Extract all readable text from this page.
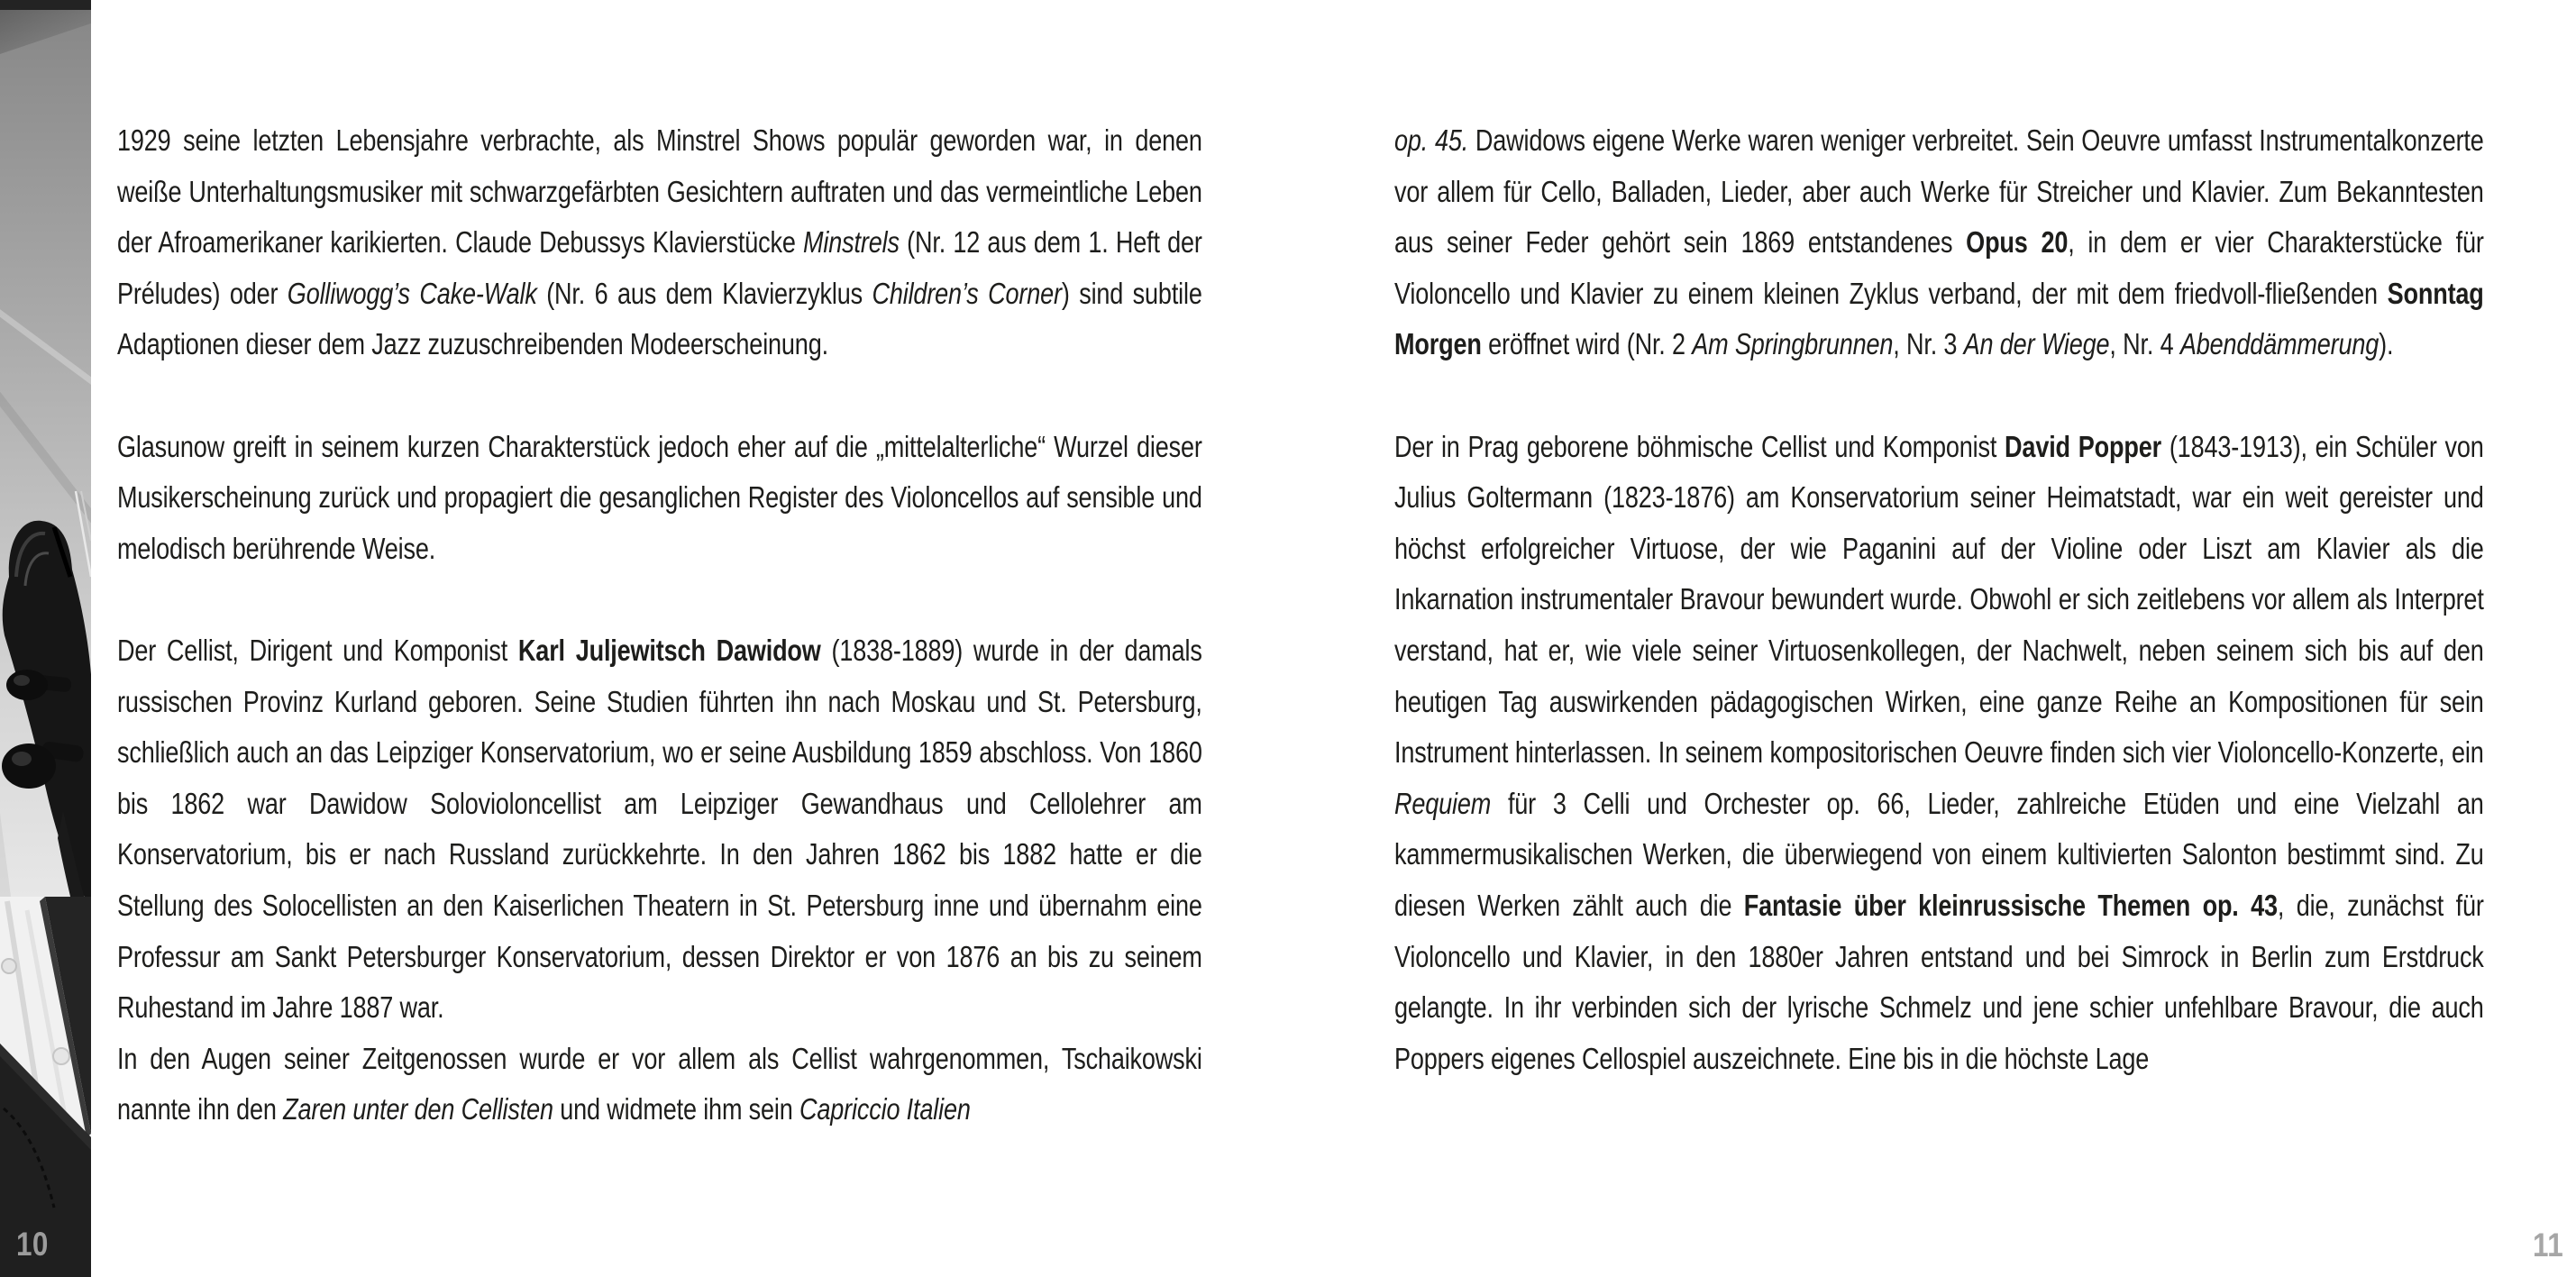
10

1929 seine letzten Lebensjahre verbrachte, als Minstrel Shows populär geworden war, in denen weiße Unterhaltungsmusiker mit schwarzgefärbten Gesichtern auftraten und das vermeintliche Leben der Afroamerikaner karikierten. Claude Debussys Klavierstücke Minstrels (Nr. 12 aus dem 1. Heft der Préludes) oder Golliwogg’s Cake-Walk (Nr. 6 aus dem Klavierzyklus Children’s Corner) sind subtile Adaptionen dieser dem Jazz zuzuschreibenden Modeerscheinung.

Glasunow greift in seinem kurzen Charakterstück jedoch eher auf die „mittelalterliche“ Wurzel dieser Musikerscheinung zurück und propagiert die gesanglichen Register des Violoncellos auf sensible und melodisch berührende Weise.

Der Cellist, Dirigent und Komponist Karl Juljewitsch Dawidow (1838-1889) wurde in der damals russischen Provinz Kurland geboren. Seine Studien führten ihn nach Moskau und St. Petersburg, schließlich auch an das Leipziger Konservatorium, wo er seine Ausbildung 1859 abschloss. Von 1860 bis 1862 war Dawidow Solovioloncellist am Leipziger Gewandhaus und Cellolehrer am Konservatorium, bis er nach Russland zurückkehrte. In den Jahren 1862 bis 1882 hatte er die Stellung des Solocellisten an den Kaiserlichen Theatern in St. Petersburg inne und übernahm eine Professur am Sankt Petersburger Konservatorium, dessen Direktor er von 1876 an bis zu seinem Ruhestand im Jahre 1887 war.

In den Augen seiner Zeitgenossen wurde er vor allem als Cellist wahrgenommen, Tschaikowski nannte ihn den Zaren unter den Cellisten und widmete ihm sein Capriccio Italien

op. 45. Dawidows eigene Werke waren weniger verbreitet. Sein Oeuvre umfasst Instrumentalkonzerte vor allem für Cello, Balladen, Lieder, aber auch Werke für Streicher und Klavier. Zum Bekanntesten aus seiner Feder gehört sein 1869 entstandenes Opus 20, in dem er vier Charakterstücke für Violoncello und Klavier zu einem kleinen Zyklus verband, der mit dem friedvoll-fließenden Sonntag Morgen eröffnet wird (Nr. 2 Am Springbrunnen, Nr. 3 An der Wiege, Nr. 4 Abenddämmerung).

Der in Prag geborene böhmische Cellist und Komponist David Popper (1843-1913), ein Schüler von Julius Goltermann (1823-1876) am Konservatorium seiner Heimatstadt, war ein weit gereister und höchst erfolgreicher Virtuose, der wie Paganini auf der Violine oder Liszt am Klavier als die Inkarnation instrumentaler Bravour bewundert wurde. Obwohl er sich zeitlebens vor allem als Interpret verstand, hat er, wie viele seiner Virtuosenkollegen, der Nachwelt, neben seinem sich bis auf den heutigen Tag auswirkenden pädagogischen Wirken, eine ganze Reihe an Kompositionen für sein Instrument hinterlassen. In seinem kompositorischen Oeuvre finden sich vier Violoncello-Konzerte, ein Requiem für 3 Celli und Orchester op. 66, Lieder, zahlreiche Etüden und eine Vielzahl an kammermusikalischen Werken, die überwiegend von einem kultivierten Salonton bestimmt sind. Zu diesen Werken zählt auch die Fantasie über kleinrussische Themen op. 43, die, zunächst für Violoncello und Klavier, in den 1880er Jahren entstand und bei Simrock in Berlin zum Erstdruck gelangte. In ihr verbinden sich der lyrische Schmelz und jene schier unfehlbare Bravour, die auch Poppers eigenes Cellospiel auszeichnete. Eine bis in die höchste Lage

11
